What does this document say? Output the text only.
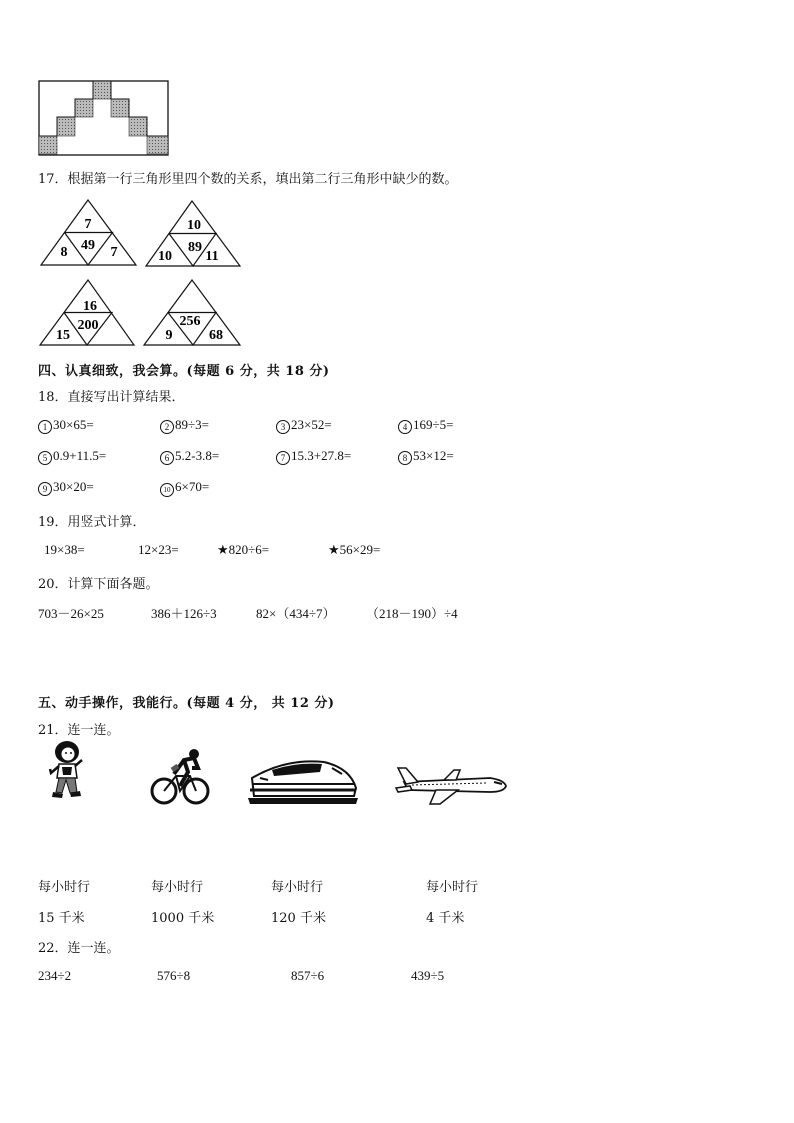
17．根据第一行三角形里四个数的关系，填出第二行三角形中缺少的数。
7
49
8	7
10
89
10 11
16
200
15
256
9	68
四、认真细致，我会算。(每题 6 分，共 18 分)
18．直接写出计算结果．
1 30×65=	2 89÷3=	3 23×52=	4 169÷5=
5 0.9+11.5=	6 5.2-3.8=	7 15.3+27.8=	8 53×12=
9 30×20=	10 6×70=
19．用竖式计算．
19×38=	12×23=	★820÷6=	★56×29=
20．计算下面各题。
703－26×25	386＋126÷3	82×（434÷7） （218－190）÷4
五、动手操作，我能行。(每题 4 分， 共 12 分)
21．连一连。
每小时行	每小时行	每小时行	每小时行
15 千米	1000 千米	120 千米	4 千米
22．连一连。
234÷2	576÷8	857÷6	439÷5
